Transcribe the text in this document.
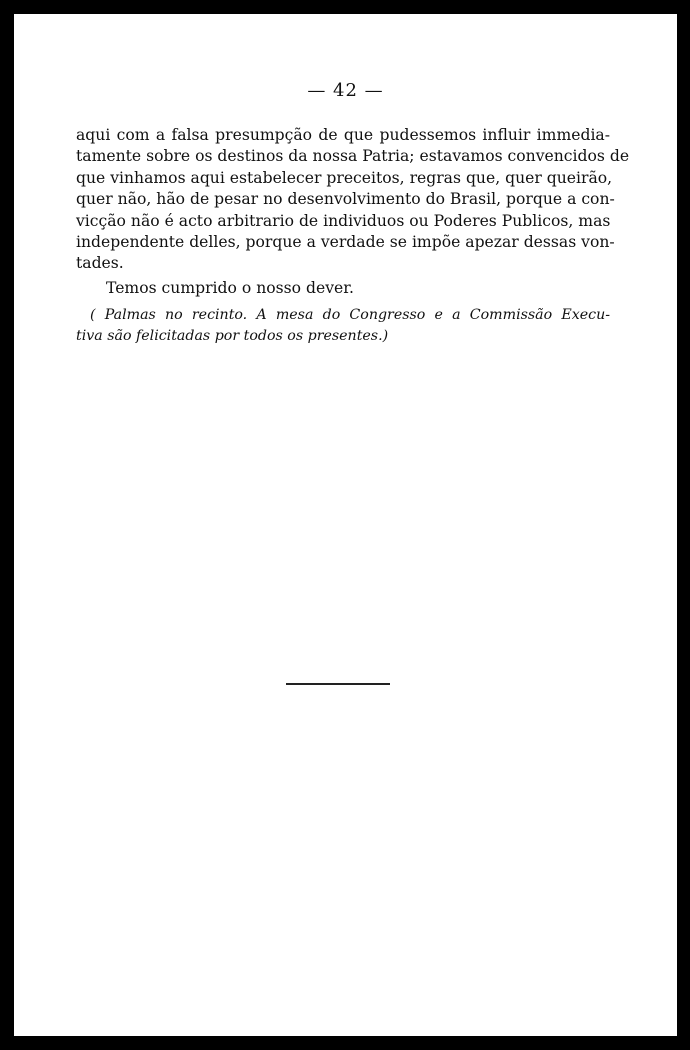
— 42 —
aqui com a falsa presumpção de que pudessemos influir immedia-
tamente sobre os destinos da nossa Patria; estavamos convencidos de
que vinhamos aqui estabelecer preceitos, regras que, quer queirão,
quer não, hão de pesar no desenvolvimento do Brasil, porque a con-
vicção não é acto arbitrario de individuos ou Poderes Publicos, mas
independente delles, porque a verdade se impõe apezar dessas von-
tades.
Temos cumprido o nosso dever.
( Palmas no recinto. A mesa do Congresso e a Commissão Execu-
tiva são felicitadas por todos os presentes.)
